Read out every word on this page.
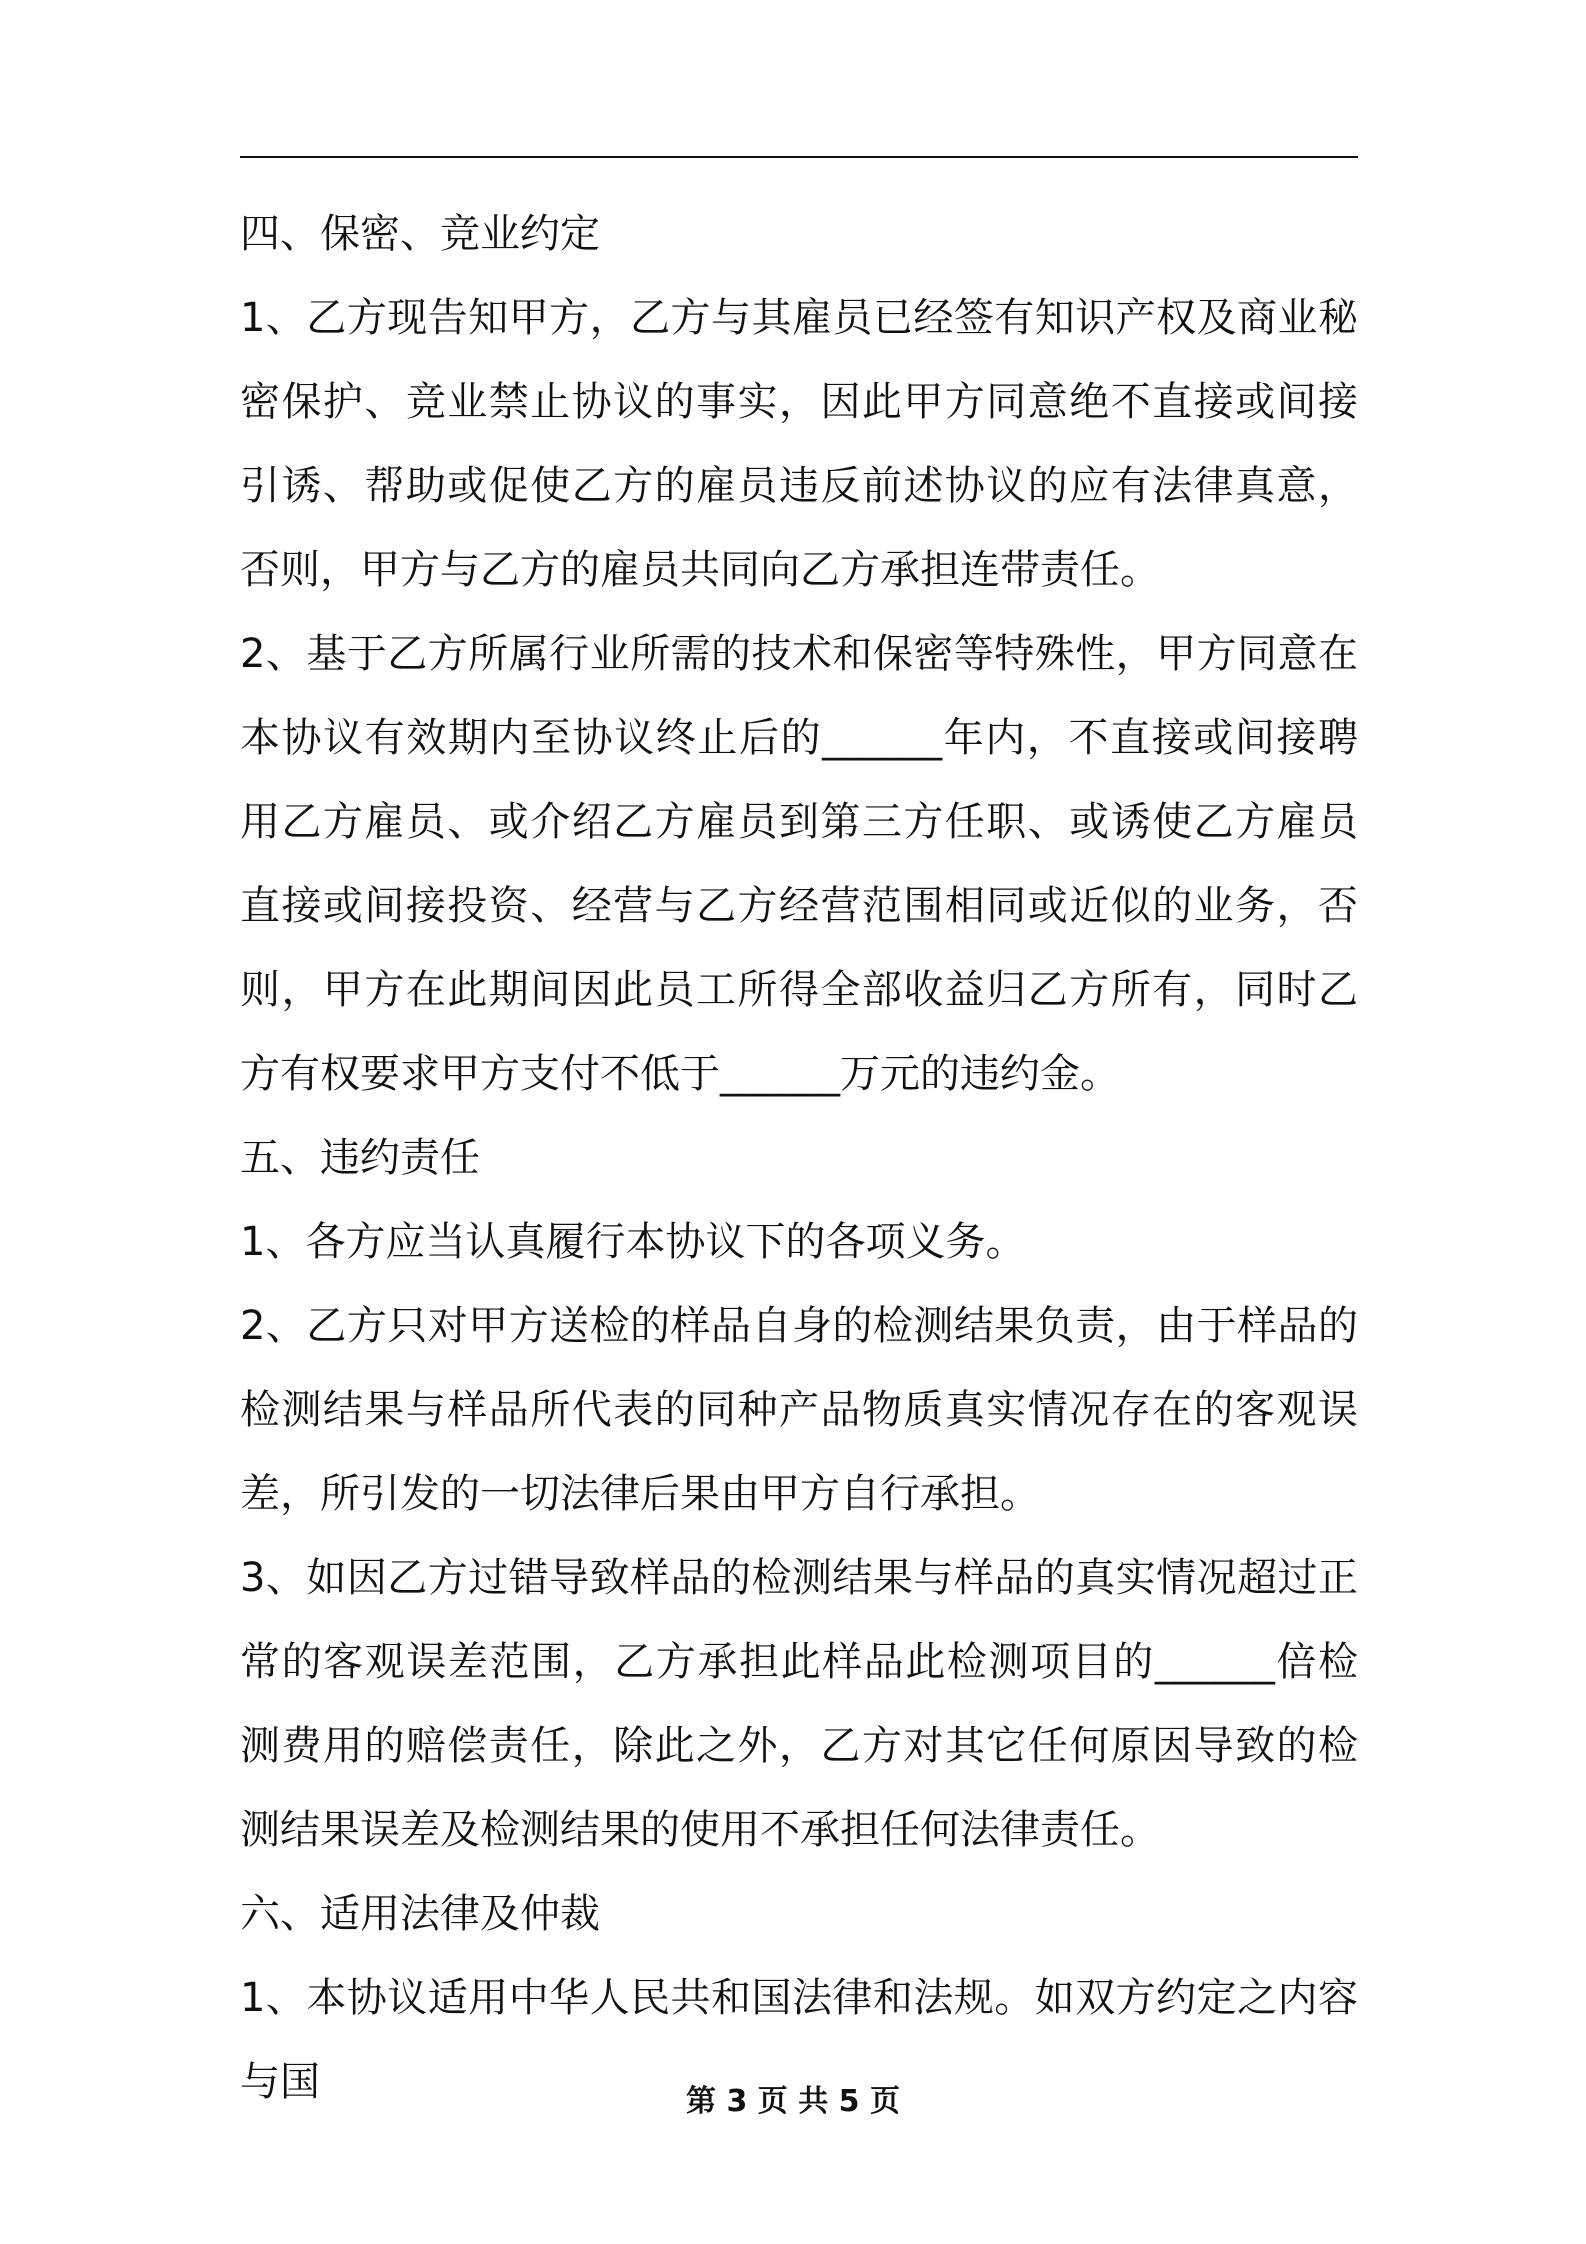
四、保密、竞业约定

1、乙方现告知甲方，乙方与其雇员已经签有知识产权及商业秘密保护、竞业禁止协议的事实，因此甲方同意绝不直接或间接引诱、帮助或促使乙方的雇员违反前述协议的应有法律真意，否则，甲方与乙方的雇员共同向乙方承担连带责任。

2、基于乙方所属行业所需的技术和保密等特殊性，甲方同意在本协议有效期内至协议终止后的______年内，不直接或间接聘用乙方雇员、或介绍乙方雇员到第三方任职、或诱使乙方雇员直接或间接投资、经营与乙方经营范围相同或近似的业务，否则，甲方在此期间因此员工所得全部收益归乙方所有，同时乙方有权要求甲方支付不低于______万元的违约金。

五、违约责任

1、各方应当认真履行本协议下的各项义务。

2、乙方只对甲方送检的样品自身的检测结果负责，由于样品的检测结果与样品所代表的同种产品物质真实情况存在的客观误差，所引发的一切法律后果由甲方自行承担。

3、如因乙方过错导致样品的检测结果与样品的真实情况超过正常的客观误差范围，乙方承担此样品此检测项目的______倍检测费用的赔偿责任，除此之外，乙方对其它任何原因导致的检测结果误差及检测结果的使用不承担任何法律责任。

六、适用法律及仲裁

1、本协议适用中华人民共和国法律和法规。如双方约定之内容与国	第 3 页 共 5 页
